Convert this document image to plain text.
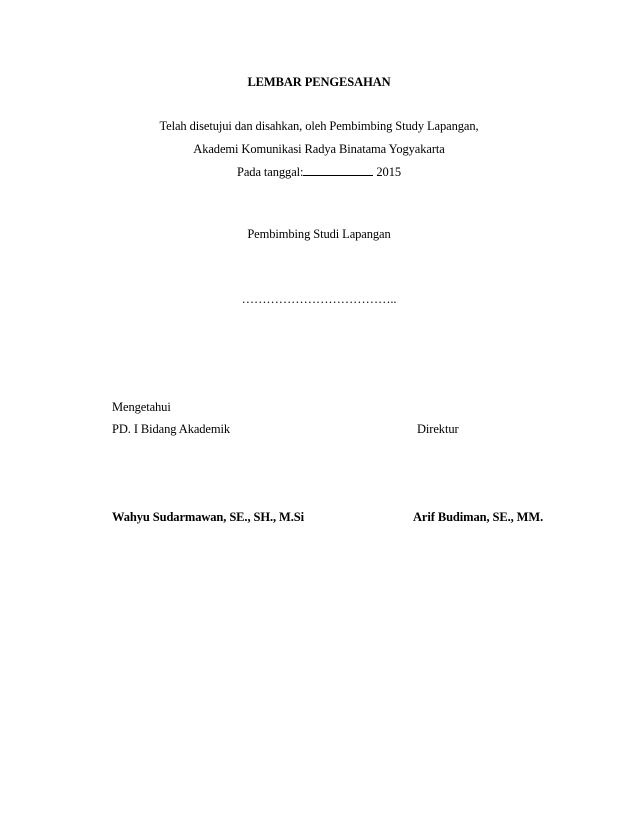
LEMBAR PENGESAHAN
Telah disetujui dan disahkan, oleh Pembimbing Study Lapangan,
Akademi Komunikasi Radya Binatama Yogyakarta
Pada tanggal:	2015
Pembimbing Studi Lapangan
………………………………..
Mengetahui
PD. I Bidang Akademik	Direktur
Wahyu Sudarmawan, SE., SH., M.Si	Arif Budiman, SE., MM.
